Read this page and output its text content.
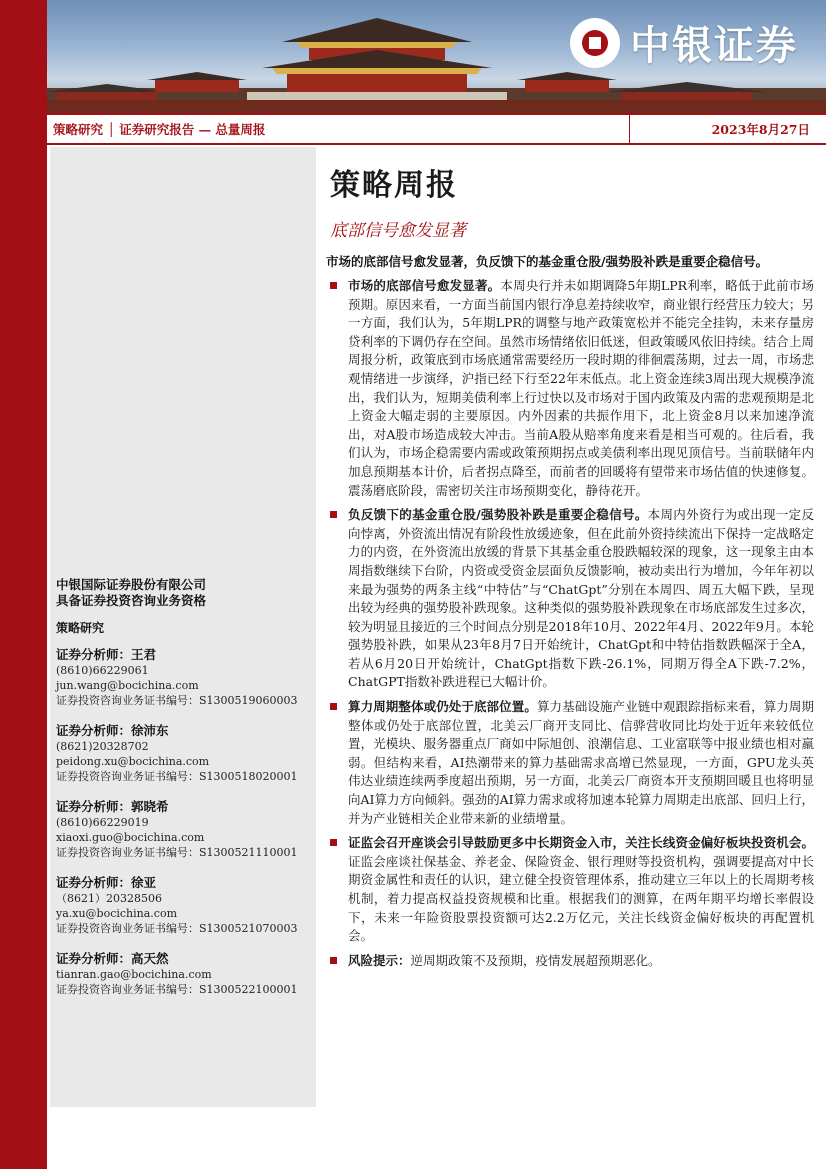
中银证券
策略研究 │ 证券研究报告 — 总量周报	2023年8月27日
中银国际证券股份有限公司
具备证券投资咨询业务资格
策略研究
证券分析师：王君
(8610)66229061
jun.wang@bocichina.com
证券投资咨询业务证书编号：S1300519060003
证券分析师：徐沛东
(8621)20328702
peidong.xu@bocichina.com
证券投资咨询业务证书编号：S1300518020001
证券分析师：郭晓希
(8610)66229019
xiaoxi.guo@bocichina.com
证券投资咨询业务证书编号：S1300521110001
证券分析师：徐亚
（8621）20328506
ya.xu@bocichina.com
证券投资咨询业务证书编号：S1300521070003
证券分析师：高天然
tianran.gao@bocichina.com
证券投资咨询业务证书编号：S1300522100001
策略周报
底部信号愈发显著
市场的底部信号愈发显著，负反馈下的基金重仓股/强势股补跌是重要企稳信号。
市场的底部信号愈发显著。本周央行并未如期调降5年期LPR利率，略低于此前市场预期。原因来看，一方面当前国内银行净息差持续收窄，商业银行经营压力较大；另一方面，我们认为，5年期LPR的调整与地产政策宽松并不能完全挂钩，未来存量房贷利率的下调仍存在空间。虽然市场情绪依旧低迷，但政策暖风依旧持续。结合上周周报分析，政策底到市场底通常需要经历一段时期的徘徊震荡期，过去一周，市场悲观情绪进一步演绎，沪指已经下行至22年末低点。北上资金连续3周出现大规模净流出，我们认为，短期美债利率上行过快以及市场对于国内政策及内需的悲观预期是北上资金大幅走弱的主要原因。内外因素的共振作用下，北上资金8月以来加速净流出，对A股市场造成较大冲击。当前A股从赔率角度来看是相当可观的。往后看，我们认为，市场企稳需要内需或政策预期拐点或美债利率出现见顶信号。当前联储年内加息预期基本计价，后者拐点降至，而前者的回暖将有望带来市场估值的快速修复。震荡磨底阶段，需密切关注市场预期变化，静待花开。
负反馈下的基金重仓股/强势股补跌是重要企稳信号。本周内外资行为或出现一定反向悖离，外资流出情况有阶段性放缓迹象，但在此前外资持续流出下保持一定战略定力的内资，在外资流出放缓的背景下其基金重仓股跌幅较深的现象，这一现象主由本周指数继续下台阶，内资或受资金层面负反馈影响，被动卖出行为增加，今年年初以来最为强势的两条主线“中特估”与“ChatGpt”分别在本周四、周五大幅下跌，呈现出较为经典的强势股补跌现象。这种类似的强势股补跌现象在市场底部发生过多次，较为明显且接近的三个时间点分别是2018年10月、2022年4月、2022年9月。本轮强势股补跌，如果从23年8月7日开始统计，ChatGpt和中特估指数跌幅深于全A，若从6月20日开始统计，ChatGpt指数下跌-26.1%，同期万得全A下跌-7.2%，ChatGPT指数补跌进程已大幅计价。
算力周期整体或仍处于底部位置。算力基础设施产业链中观跟踪指标来看，算力周期整体或仍处于底部位置，北美云厂商开支同比、信骅营收同比均处于近年来较低位置，光模块、服务器重点厂商如中际旭创、浪潮信息、工业富联等中报业绩也相对羸弱。但结构来看，AI热潮带来的算力基础需求高增已然显现，一方面，GPU龙头英伟达业绩连续两季度超出预期，另一方面，北美云厂商资本开支预期回暖且也将明显向AI算力方向倾斜。强劲的AI算力需求或将加速本轮算力周期走出底部、回归上行，并为产业链相关企业带来新的业绩增量。
证监会召开座谈会引导鼓励更多中长期资金入市，关注长线资金偏好板块投资机会。证监会座谈社保基金、养老金、保险资金、银行理财等投资机构，强调要提高对中长期资金属性和责任的认识，建立健全投资管理体系，推动建立三年以上的长周期考核机制，着力提高权益投资规模和比重。根据我们的测算，在两年期平均增长率假设下，未来一年险资股票投资额可达2.2万亿元，关注长线资金偏好板块的再配置机会。
风险提示：逆周期政策不及预期，疫情发展超预期恶化。
